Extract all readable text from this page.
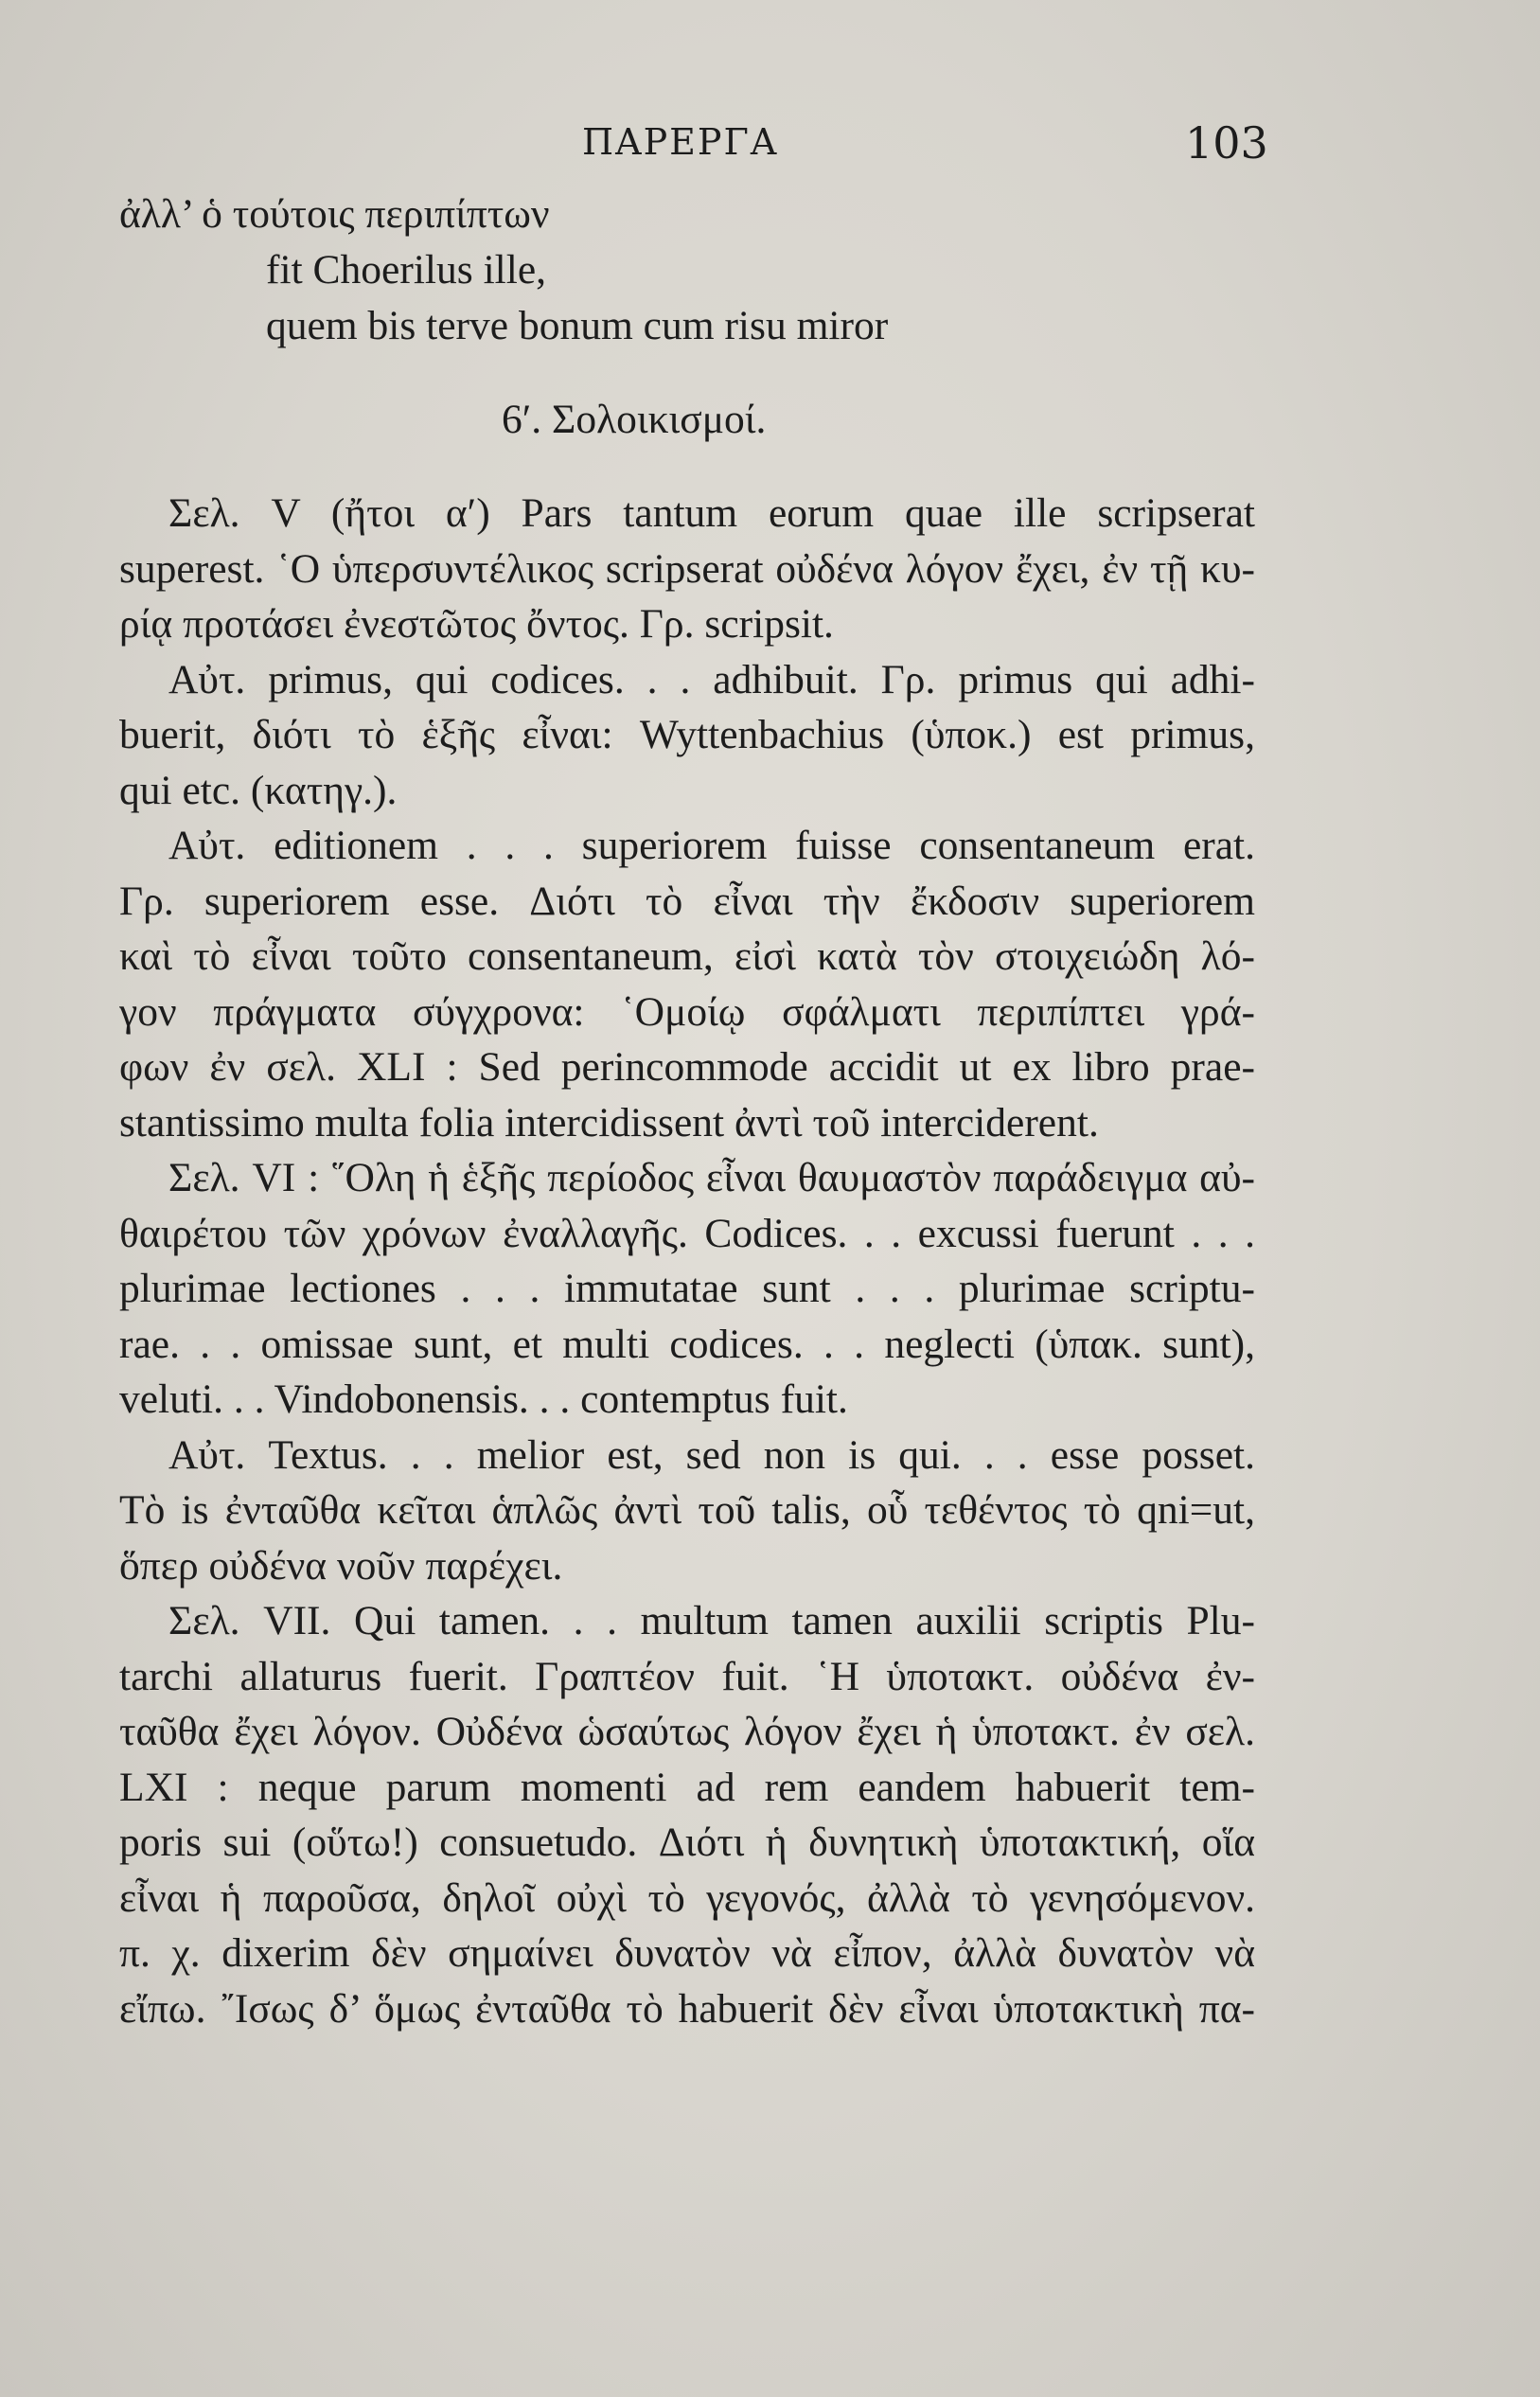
ΠΑΡΕΡΓΑ	103
ἀλλ’ ὁ τούτοις περιπίπτων
fit Choerilus ille,
quem bis terve bonum cum risu miror
6′. Σολοικισμοί.
Σελ. V (ἤτοι α′) Pars tantum eorum quae ille scripserat
superest. ῾Ο ὑπερσυντέλικος scripserat οὐδένα λόγον ἔχει, ἐν τῇ κυ-
ρίᾳ προτάσει ἐνεστῶτος ὄντος. Γρ. scripsit.
Αὐτ. primus, qui codices. . . adhibuit. Γρ. primus qui adhi-
buerit, διότι τὸ ἑξῆς εἶναι: Wyttenbachius (ὑποκ.) est primus,
qui etc. (κατηγ.).
Αὐτ. editionem . . . superiorem fuisse consentaneum erat.
Γρ. superiorem esse. Διότι τὸ εἶναι τὴν ἔκδοσιν superiorem
καὶ τὸ εἶναι τοῦτο consentaneum, εἰσὶ κατὰ τὸν στοιχειώδη λό-
γον πράγματα σύγχρονα: ῾Ομοίῳ σφάλματι περιπίπτει γρά-
φων ἐν σελ. XLI : Sed perincommode accidit ut ex libro prae-
stantissimo multa folia intercidissent ἀντὶ τοῦ interciderent.
Σελ. VI : ῞Ολη ἡ ἑξῆς περίοδος εἶναι θαυμαστὸν παράδειγμα αὐ-
θαιρέτου τῶν χρόνων ἐναλλαγῆς. Codices. . . excussi fuerunt . . .
plurimae lectiones . . . immutatae sunt . . . plurimae scriptu-
rae. . . omissae sunt, et multi codices. . . neglecti (ὑπακ. sunt),
veluti. . . Vindobonensis. . . contemptus fuit.
Αὐτ. Textus. . . melior est, sed non is qui. . . esse posset.
Τὸ is ἐνταῦθα κεῖται ἁπλῶς ἀντὶ τοῦ talis, οὗ τεθέντος τὸ qni=ut,
ὅπερ οὐδένα νοῦν παρέχει.
Σελ. VII. Qui tamen. . . multum tamen auxilii scriptis Plu-
tarchi allaturus fuerit. Γραπτέον fuit. ῾Η ὑποτακτ. οὐδένα ἐν-
ταῦθα ἔχει λόγον. Οὐδένα ὡσαύτως λόγον ἔχει ἡ ὑποτακτ. ἐν σελ.
LXI : neque parum momenti ad rem eandem habuerit tem-
poris sui (οὕτω!) consuetudo. Διότι ἡ δυνητικὴ ὑποτακτική, οἵα
εἶναι ἡ παροῦσα, δηλοῖ οὐχὶ τὸ γεγονός, ἀλλὰ τὸ γενησόμενον.
π. χ. dixerim δὲν σημαίνει δυνατὸν νὰ εἶπον, ἀλλὰ δυνατὸν νὰ
εἴπω. ῎Ισως δ’ ὅμως ἐνταῦθα τὸ habuerit δὲν εἶναι ὑποτακτικὴ πα-
